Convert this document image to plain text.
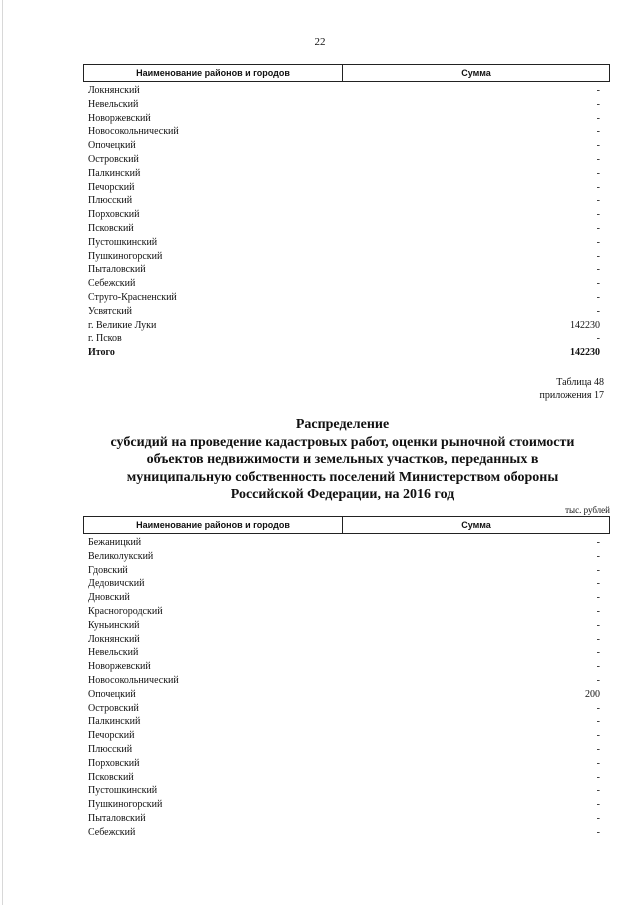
22
Наименование районов и городов	Сумма
Локнянский	-
Невельский	-
Новоржевский	-
Новосокольнический	-
Опочецкий	-
Островский	-
Палкинский	-
Печорский	-
Плюсский	-
Порховский	-
Псковский	-
Пустошкинский	-
Пушкиногорский	-
Пыталовский	-
Себежский	-
Струго-Красненский	-
Усвятский	-
г. Великие Луки	142230
г. Псков	-
Итого	142230
Таблица 48
приложения 17
Распределение
субсидий на проведение кадастровых работ, оценки рыночной стоимости
объектов недвижимости и земельных участков, переданных в
муниципальную собственность поселений Министерством обороны
Российской Федерации, на 2016 год
тыс. рублей
Наименование районов и городов	Сумма
Бежаницкий	-
Великолукский	-
Гдовский	-
Дедовичский	-
Дновский	-
Красногородский	-
Куньинский	-
Локнянский	-
Невельский	-
Новоржевский	-
Новосокольнический	-
Опочецкий	200
Островский	-
Палкинский	-
Печорский	-
Плюсский	-
Порховский	-
Псковский	-
Пустошкинский	-
Пушкиногорский	-
Пыталовский	-
Себежский	-
